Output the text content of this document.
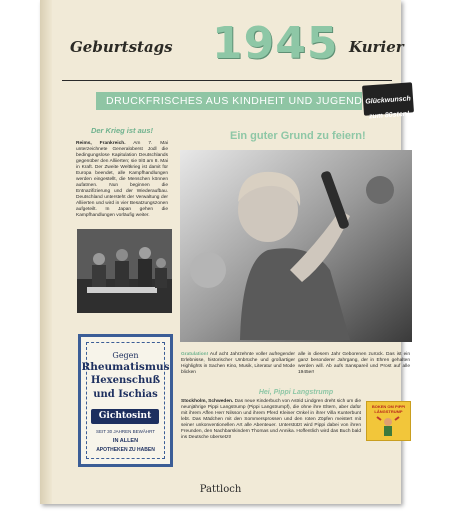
Geburtstags 1945 Kurier
DRUCKFRISCHES AUS KINDHEIT UND JUGEND Glückwunsch
zum 80sten!
Der Krieg ist aus!
Reims, Frankreich. Am 7. Mai unterzeichnete Generaloberst Jodl die bedingungslose Kapitulation Deutschlands gegenüber den Alliierten; sie tritt am 8. Mai in Kraft. Der Zweite Weltkrieg ist damit für Europa beendet, alle Kampfhandlungen werden eingestellt, die Menschen können aufatmen. Nun beginnen die Entnazifizierung und der Wiederaufbau. Deutschland untersteht der Verwaltung der Alliierten und wird in vier Besatzungszonen aufgeteilt. In Japan gehen die Kampfhandlungen vorläufig weiter.
Gegen
Rheumatismus
Hexenschuß
und Ischias
Gichtosint
SEIT 30 JAHREN BEWÄHRT
IN ALLEN
APOTHEKEN ZU HABEN
Ein guter Grund zu feiern!
Gratulation! Auf acht Jahrzehnte voller aufregender Erlebnisse, historischer Umbrüche und großartiger Highlights in Sachen Kino, Musik, Literatur und Mode blicken
alle in diesem Jahr Geborenen zurück. Das ist ein ganz besonderer Jahrgang, der in Ehren gehalten werden will. Ab aufs Sanspareil und Prost auf alle 1945er!
Hei, Pippi Langstrump
Stockholm, Schweden. Das neue Kinderbuch von Astrid Lindgren dreht sich um die neunjährige Pippi Langstrump (Pippi Langstrumpf), die ohne ihre Eltern, aber dafür mit ihrem Affen Herr Nilsson und ihrem Pferd Kleiner Onkel in ihrer Villa Kunterbunt lebt. Das Mädchen mit den Sommersprossen und den roten Zöpfen meistert mit seiner unkonventionellen Art alle Abenteuer. Unterstützt wird Pippi dabei von ihren Freunden, den Nachbarskindern Thomas und Annika. Hoffentlich wird das Buch bald ins Deutsche übersetzt!
BOKEN OM PIPPI LÅNGSTRUMP
Pattloch
